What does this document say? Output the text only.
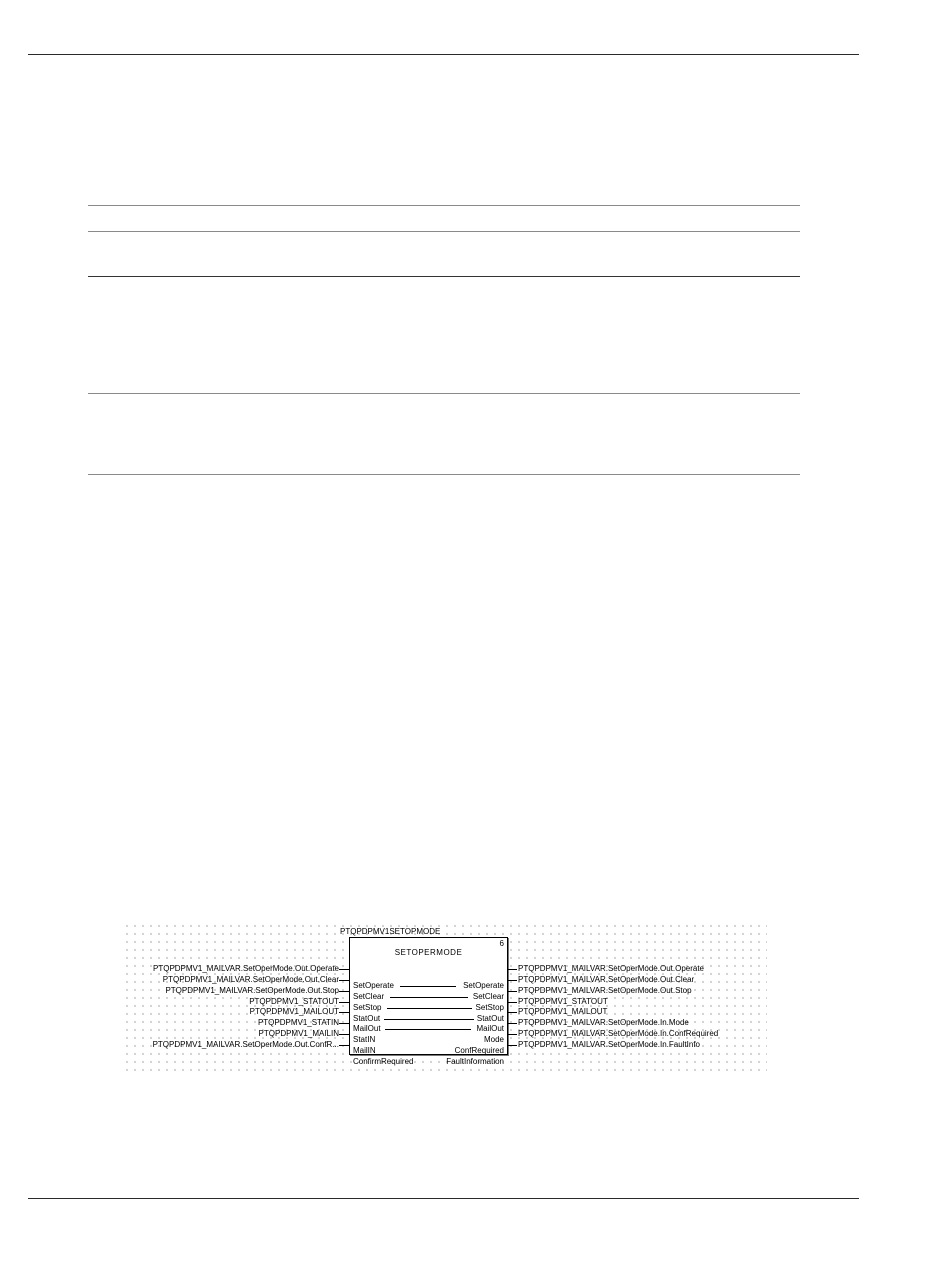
PTQPDPMV1SETOPMODE
6
SETOPERMODE
SetOperate
SetClear
SetStop
StatOut
MailOut
StatIN
MailIN
ConfirmRequired
SetOperate
SetClear
SetStop
StatOut
MailOut
Mode
ConfRequired
FaultInformation
PTQPDPMV1_MAILVAR.SetOperMode.Out.Operate
PTQPDPMV1_MAILVAR.SetOperMode.Out.Clear
PTQPDPMV1_MAILVAR.SetOperMode.Out.Stop
PTQPDPMV1_STATOUT
PTQPDPMV1_MAILOUT
PTQPDPMV1_STATIN
PTQPDPMV1_MAILIN
PTQPDPMV1_MAILVAR.SetOperMode.Out.ConfR...
PTQPDPMV1_MAILVAR.SetOperMode.Out.Operate
PTQPDPMV1_MAILVAR.SetOperMode.Out.Clear
PTQPDPMV1_MAILVAR.SetOperMode.Out.Stop
PTQPDPMV1_STATOUT
PTQPDPMV1_MAILOUT
PTQPDPMV1_MAILVAR.SetOperMode.In.Mode
PTQPDPMV1_MAILVAR.SetOperMode.In.ConfRequired
PTQPDPMV1_MAILVAR.SetOperMode.In.FaultInfo
